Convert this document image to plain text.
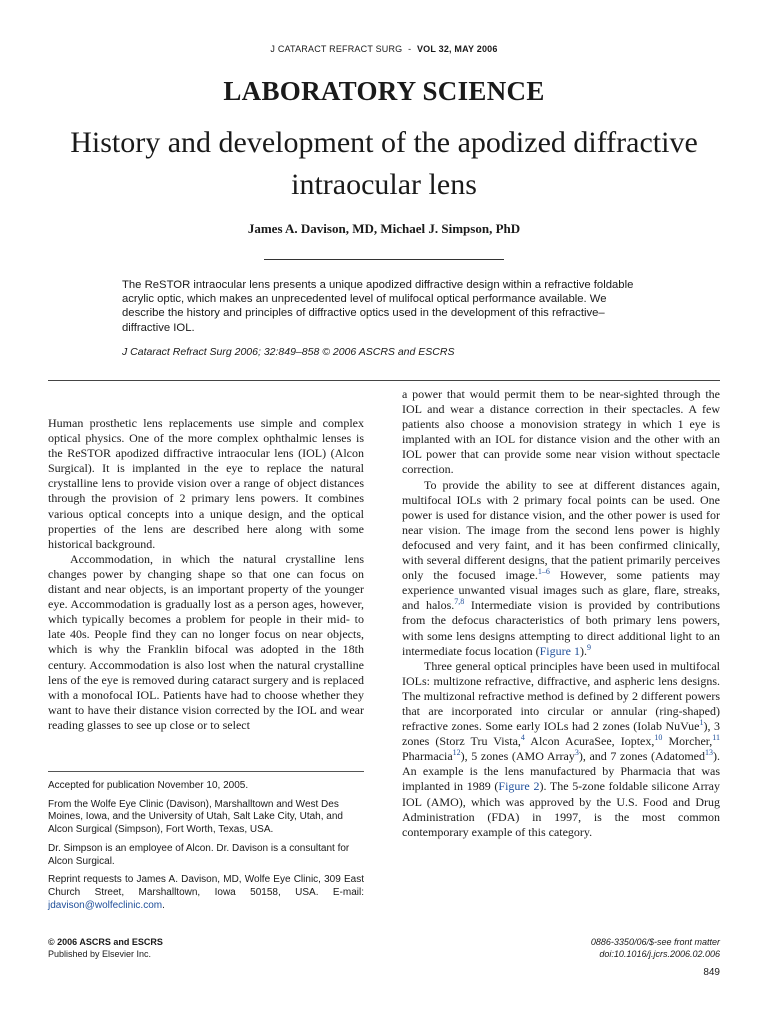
J CATARACT REFRACT SURG - VOL 32, MAY 2006
LABORATORY SCIENCE
History and development of the apodized diffractive intraocular lens
James A. Davison, MD, Michael J. Simpson, PhD
The ReSTOR intraocular lens presents a unique apodized diffractive design within a refractive foldable acrylic optic, which makes an unprecedented level of mulifocal optical performance available. We describe the history and principles of diffractive optics used in the development of this refractive–diffractive IOL.
J Cataract Refract Surg 2006; 32:849–858 © 2006 ASCRS and ESCRS

Human prosthetic lens replacements use simple and complex optical physics. One of the more complex ophthalmic lenses is the ReSTOR apodized diffractive intraocular lens (IOL) (Alcon Surgical). It is implanted in the eye to replace the natural crystalline lens to provide vision over a range of object distances through the provision of 2 primary lens powers. It combines various optical concepts into a unique design, and the optical properties of the lens are described here along with some historical background.

Accommodation, in which the natural crystalline lens changes power by changing shape so that one can focus on distant and near objects, is an important property of the younger eye. Accommodation is gradually lost as a person ages, however, which typically becomes a problem for people in their mid- to late 40s. People find they can no longer focus on near objects, which is why the Franklin bifocal was adopted in the 18th century. Accommodation is also lost when the natural crystalline lens of the eye is removed during cataract surgery and is replaced with a monofocal IOL. Patients have had to choose whether they want to have their distance vision corrected by the IOL and wear reading glasses to see up close or to select

a power that would permit them to be near-sighted through the IOL and wear a distance correction in their spectacles. A few patients also choose a monovision strategy in which 1 eye is implanted with an IOL for distance vision and the other with an IOL power that can provide some near vision without spectacle correction.

To provide the ability to see at different distances again, multifocal IOLs with 2 primary focal points can be used. One power is used for distance vision, and the other power is used for near vision. The image from the second lens power is highly defocused and very faint, and it has been confirmed clinically, with several different designs, that the patient primarily perceives only the focused image.$^{1-6}$ However, some patients may experience unwanted visual images such as glare, flare, streaks, and halos.$^{7,8}$ Intermediate vision is provided by contributions from the defocus characteristics of both primary lens powers, with some lens designs attempting to direct additional light to an intermediate focus location (Figure 1).$^9$

Three general optical principles have been used in multifocal IOLs: multizone refractive, diffractive, and aspheric lens designs. The multizonal refractive method is defined by 2 different powers that are incorporated into circular or annular (ring-shaped) refractive zones. Some early IOLs had 2 zones (Iolab NuVue$^1$), 3 zones (Storz Tru Vista,$^4$ Alcon AcuraSee, Ioptex,$^{10}$ Morcher,$^{11}$ Pharmacia$^{12}$), 5 zones (AMO Array$^3$), and 7 zones (Adatomed$^{13}$). An example is the lens manufactured by Pharmacia that was implanted in 1989 (Figure 2). The 5-zone foldable silicone Array IOL (AMO), which was approved by the U.S. Food and Drug Administration (FDA) in 1997, is the most common contemporary example of this category.

Accepted for publication November 10, 2005.

From the Wolfe Eye Clinic (Davison), Marshalltown and West Des Moines, Iowa, and the University of Utah, Salt Lake City, Utah, and Alcon Surgical (Simpson), Fort Worth, Texas, USA.

Dr. Simpson is an employee of Alcon. Dr. Davison is a consultant for Alcon Surgical.

Reprint requests to James A. Davison, MD, Wolfe Eye Clinic, 309 East Church Street, Marshalltown, Iowa 50158, USA. E-mail: jdavison@wolfeclinic.com.

© 2006 ASCRS and ESCRS
Published by Elsevier Inc.
0886-3350/06/$-see front matter
doi:10.1016/j.jcrs.2006.02.006
849
